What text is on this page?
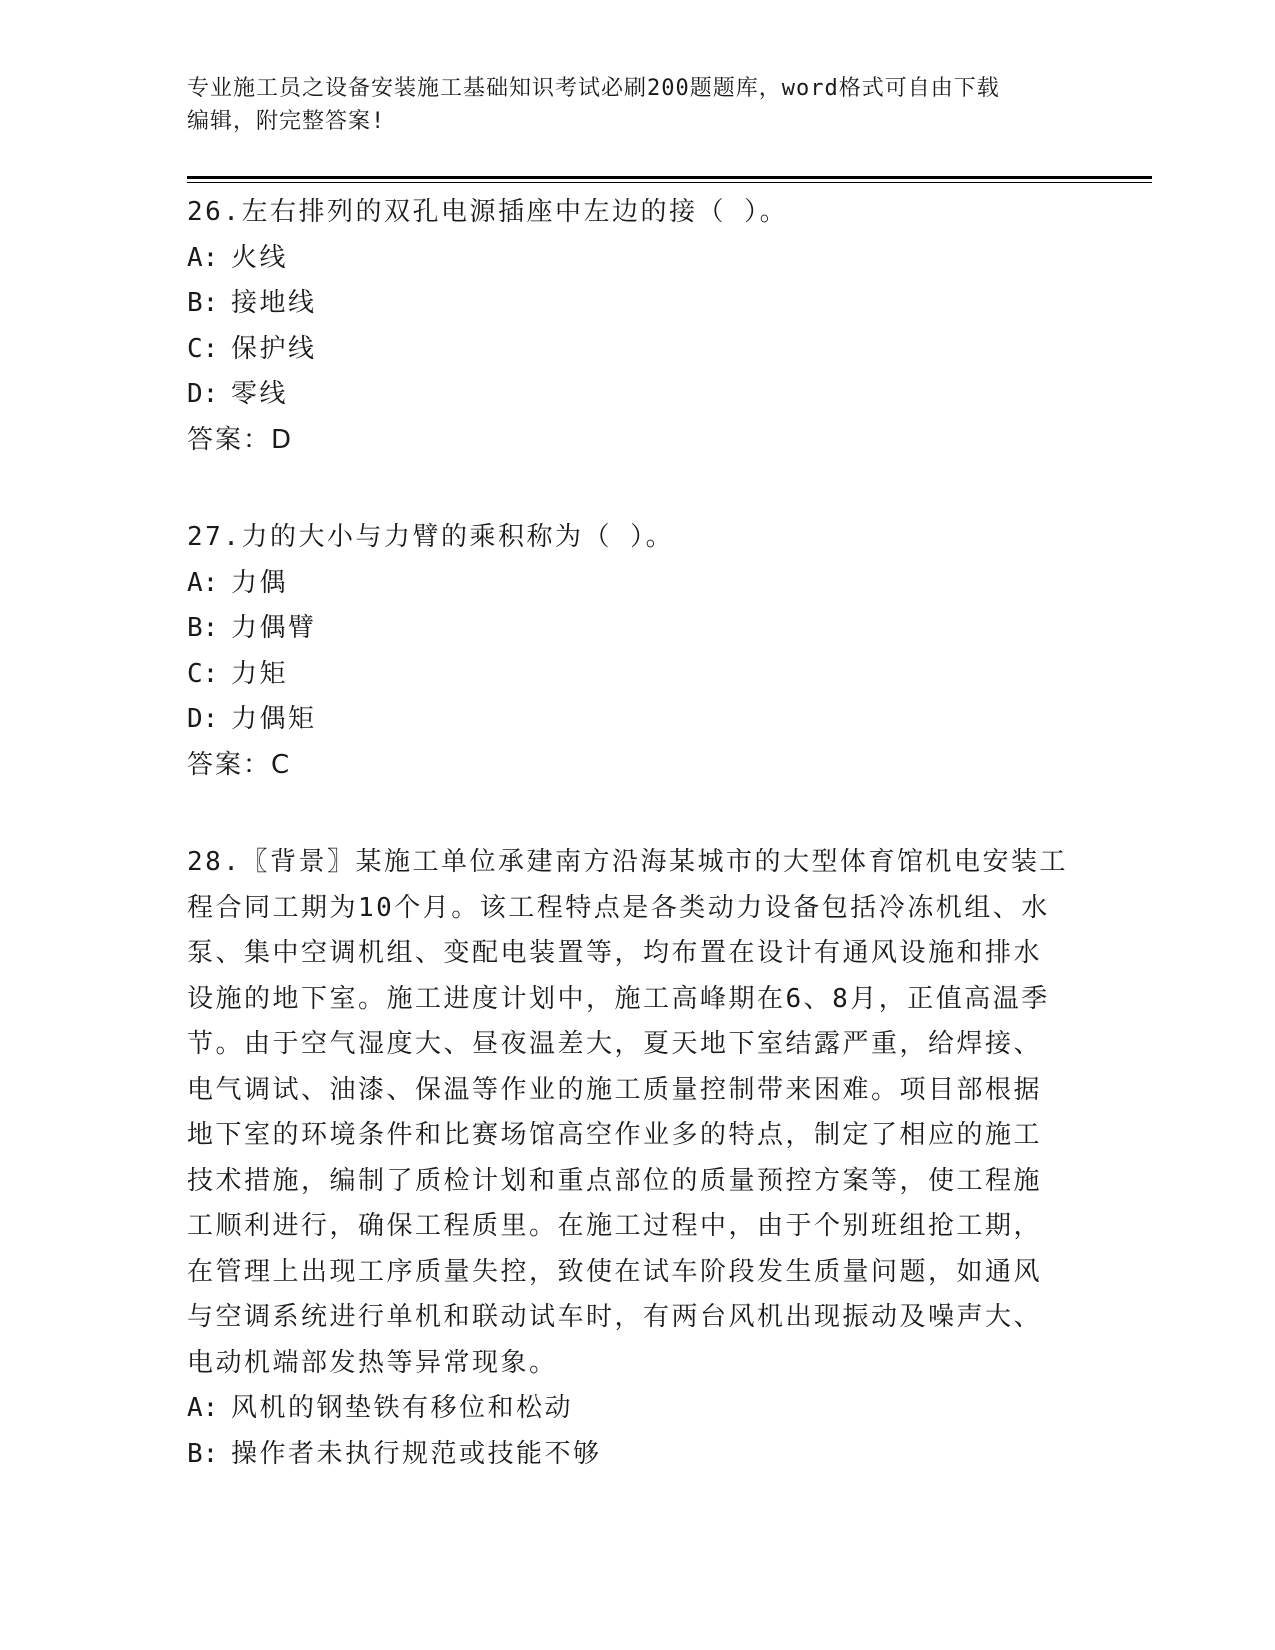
专业施工员之设备安装施工基础知识考试必刷200题题库，word格式可自由下载
编辑，附完整答案!

26.左右排列的双孔电源插座中左边的接（ ）。

A: 火线

B: 接地线

C: 保护线

D: 零线

答案：D

27.力的大小与力臂的乘积称为（ ）。

A: 力偶

B: 力偶臂

C: 力矩

D: 力偶矩

答案：C

28.〖背景〗某施工单位承建南方沿海某城市的大型体育馆机电安装工

程合同工期为10个月。该工程特点是各类动力设备包括冷冻机组、水

泵、集中空调机组、变配电装置等，均布置在设计有通风设施和排水

设施的地下室。施工进度计划中，施工高峰期在6、8月，正值高温季

节。由于空气湿度大、昼夜温差大，夏天地下室结露严重，给焊接、

电气调试、油漆、保温等作业的施工质量控制带来困难。项目部根据

地下室的环境条件和比赛场馆高空作业多的特点，制定了相应的施工

技术措施，编制了质检计划和重点部位的质量预控方案等，使工程施

工顺利进行，确保工程质里。在施工过程中，由于个别班组抢工期，

在管理上出现工序质量失控，致使在试车阶段发生质量问题，如通风

与空调系统进行单机和联动试车时，有两台风机出现振动及噪声大、

电动机端部发热等异常现象。

A: 风机的钢垫铁有移位和松动

B: 操作者未执行规范或技能不够
